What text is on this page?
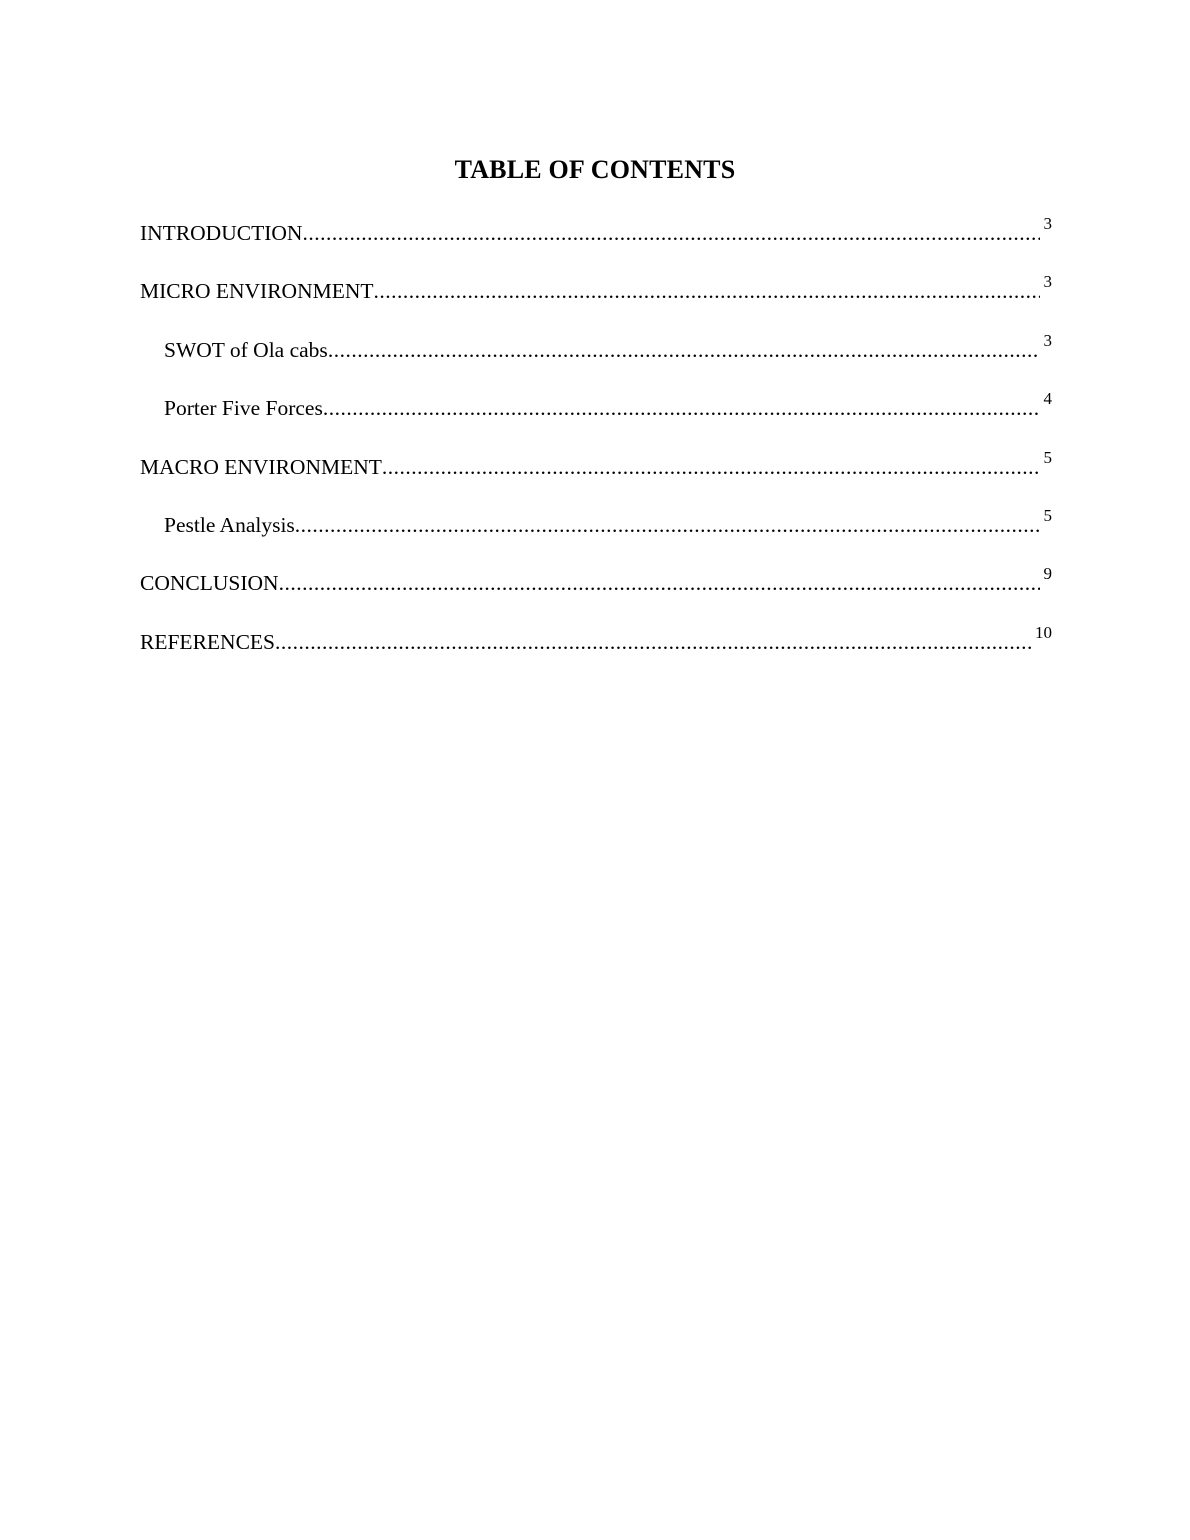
TABLE OF CONTENTS
INTRODUCTION .....	3
MICRO ENVIRONMENT .....	3
SWOT of Ola cabs .....	3
Porter Five Forces .....	4
MACRO ENVIRONMENT .....	5
Pestle Analysis .....	5
CONCLUSION .....	9
REFERENCES .....	10
